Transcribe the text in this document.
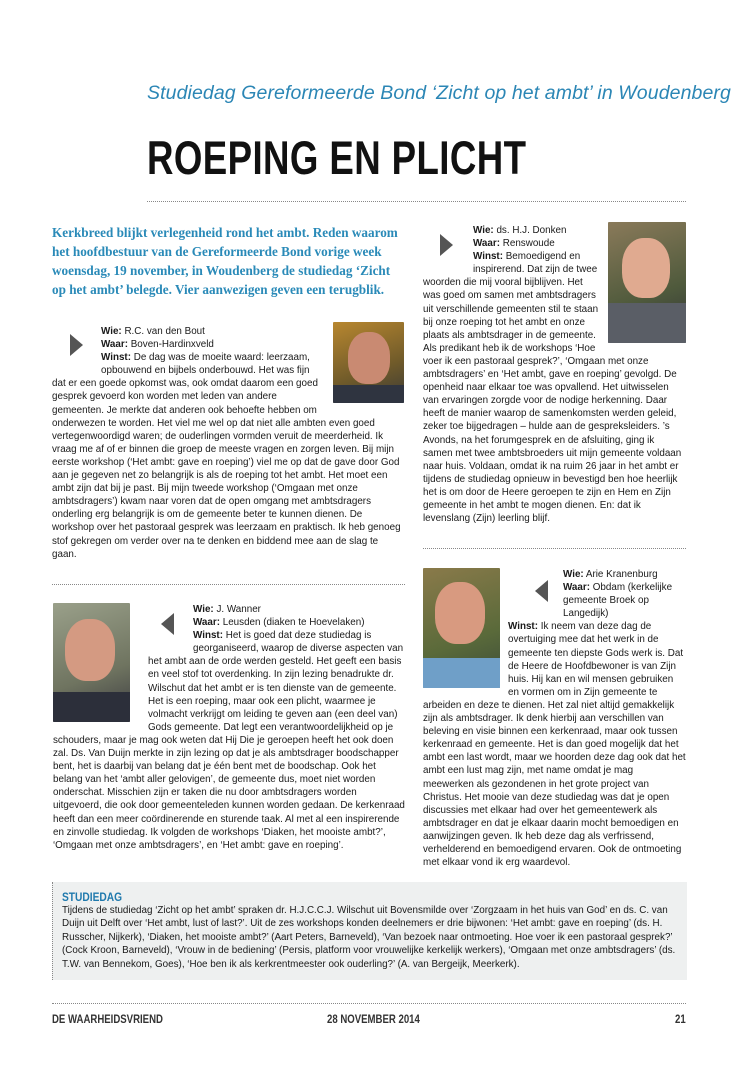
Studiedag Gereformeerde Bond ‘Zicht op het ambt’ in Woudenberg
ROEPING EN PLICHT
Kerkbreed blijkt verlegenheid rond het ambt. Reden waarom het hoofdbestuur van de Gereformeerde Bond vorige week woensdag, 19 november, in Woudenberg de studiedag ‘Zicht op het ambt’ belegde. Vier aanwezigen geven een terugblik.
Wie: R.C. van den Bout
Waar: Boven-Hardinxveld
Winst: De dag was de moeite waard: leerzaam, opbouwend en bijbels onderbouwd. Het was fijn dat er een goede opkomst was, ook omdat daarom een goed gesprek gevoerd kon worden met leden van andere gemeenten. Je merkte dat anderen ook behoefte hebben om onderwezen te worden. Het viel me wel op dat niet alle ambten even goed vertegenwoordigd waren; de ouderlingen vormden veruit de meerderheid. Ik vraag me af of er binnen die groep de meeste vragen en zorgen leven. Bij mijn eerste workshop (‘Het ambt: gave en roeping’) viel me op dat de gave door God aan je gegeven net zo belangrijk is als de roeping tot het ambt. Het moet een ambt zijn dat bij je past. Bij mijn tweede workshop (‘Omgaan met onze ambtsdragers’) kwam naar voren dat de open omgang met ambtsdragers onderling erg belangrijk is om de gemeente beter te kunnen dienen. De workshop over het pastoraal gesprek was leerzaam en praktisch. Ik heb genoeg stof gekregen om verder over na te denken en biddend mee aan de slag te gaan.
Wie: ds. H.J. Donken
Waar: Renswoude
Winst: Bemoedigend en inspirerend. Dat zijn de twee woorden die mij vooral bijblijven. Het was goed om samen met ambtsdragers uit verschillende gemeenten stil te staan bij onze roeping tot het ambt en onze plaats als ambtsdrager in de gemeente. Als predikant heb ik de workshops ‘Hoe voer ik een pastoraal gesprek?’, ‘Omgaan met onze ambtsdragers’ en ‘Het ambt, gave en roeping’ gevolgd. De openheid naar elkaar toe was opvallend. Het uitwisselen van ervaringen zorgde voor de nodige herkenning. Daar heeft de manier waarop de samenkomsten werden geleid, zeker toe bijgedragen – hulde aan de gespreksleiders. ’s Avonds, na het forumgesprek en de afsluiting, ging ik samen met twee ambtsbroeders uit mijn gemeente voldaan naar huis. Voldaan, omdat ik na ruim 26 jaar in het ambt er tijdens de studiedag opnieuw in bevestigd ben hoe heerlijk het is om door de Heere geroepen te zijn en Hem en Zijn gemeente in het ambt te mogen dienen. En: dat ik levenslang (Zijn) leerling blijf.
Wie: J. Wanner
Waar: Leusden (diaken te Hoevelaken)
Winst: Het is goed dat deze studiedag is georganiseerd, waarop de diverse aspecten van het ambt aan de orde werden gesteld. Het geeft een basis en veel stof tot overdenking. In zijn lezing benadrukte dr. Wilschut dat het ambt er is ten dienste van de gemeente. Het is een roeping, maar ook een plicht, waarmee je volmacht verkrijgt om leiding te geven aan (een deel van) Gods gemeente. Dat legt een verantwoordelijkheid op je schouders, maar je mag ook weten dat Hij Die je geroepen heeft het ook doen zal. Ds. Van Duijn merkte in zijn lezing op dat je als ambtsdrager boodschapper bent, het is daarbij van belang dat je één bent met de boodschap. Ook het belang van het ‘ambt aller gelovigen’, de gemeente dus, moet niet worden onderschat. Misschien zijn er taken die nu door ambtsdragers worden uitgevoerd, die ook door gemeenteleden kunnen worden gedaan. De kerkenraad heeft dan een meer coördinerende en sturende taak. Al met al een inspirerende en zinvolle studiedag. Ik volgden de workshops ‘Diaken, het mooiste ambt?’, ‘Omgaan met onze ambtsdragers’, en ‘Het ambt: gave en roeping’.
Wie: Arie Kranenburg
Waar: Obdam (kerkelijke gemeente Broek op Langedijk)
Winst: Ik neem van deze dag de overtuiging mee dat het werk in de gemeente ten diepste Gods werk is. Dat de Heere de Hoofdbewoner is van Zijn huis. Hij kan en wil mensen gebruiken en vormen om in Zijn gemeente te arbeiden en deze te dienen. Het zal niet altijd gemakkelijk zijn als ambtsdrager. Ik denk hierbij aan verschillen van beleving en visie binnen een kerkenraad, maar ook tussen kerkenraad en gemeente. Het is dan goed mogelijk dat het ambt een last wordt, maar we hoorden deze dag ook dat het ambt een lust mag zijn, met name omdat je mag meewerken als gezondenen in het grote project van Christus. Het mooie van deze studiedag was dat je open discussies met elkaar had over het gemeentewerk als ambtsdrager en dat je elkaar daarin mocht bemoedigen en aanwijzingen geven. Ik heb deze dag als verfrissend, verhelderend en bemoedigend ervaren. Ook de ontmoeting met elkaar vond ik erg waardevol.
STUDIEDAG
Tijdens de studiedag ‘Zicht op het ambt’ spraken dr. H.J.C.C.J. Wilschut uit Bovensmilde over ‘Zorgzaam in het huis van God’ en ds. C. van Duijn uit Delft over ‘Het ambt, lust of last?’. Uit de zes workshops konden deelnemers er drie bijwonen: ‘Het ambt: gave en roeping’ (ds. H. Russcher, Nijkerk), ‘Diaken, het mooiste ambt?’ (Aart Peters, Barneveld), ‘Van bezoek naar ontmoeting. Hoe voer ik een pastoraal gesprek?’ (Cock Kroon, Barneveld), ‘Vrouw in de bediening’ (Persis, platform voor vrouwelijke kerkelijk werkers), ‘Omgaan met onze ambtsdragers’ (ds. T.W. van Bennekom, Goes), ‘Hoe ben ik als kerkrentmeester ook ouderling?’ (A. van Bergeijk, Meerkerk).
DE WAARHEIDSVRIEND	28 NOVEMBER 2014	21
